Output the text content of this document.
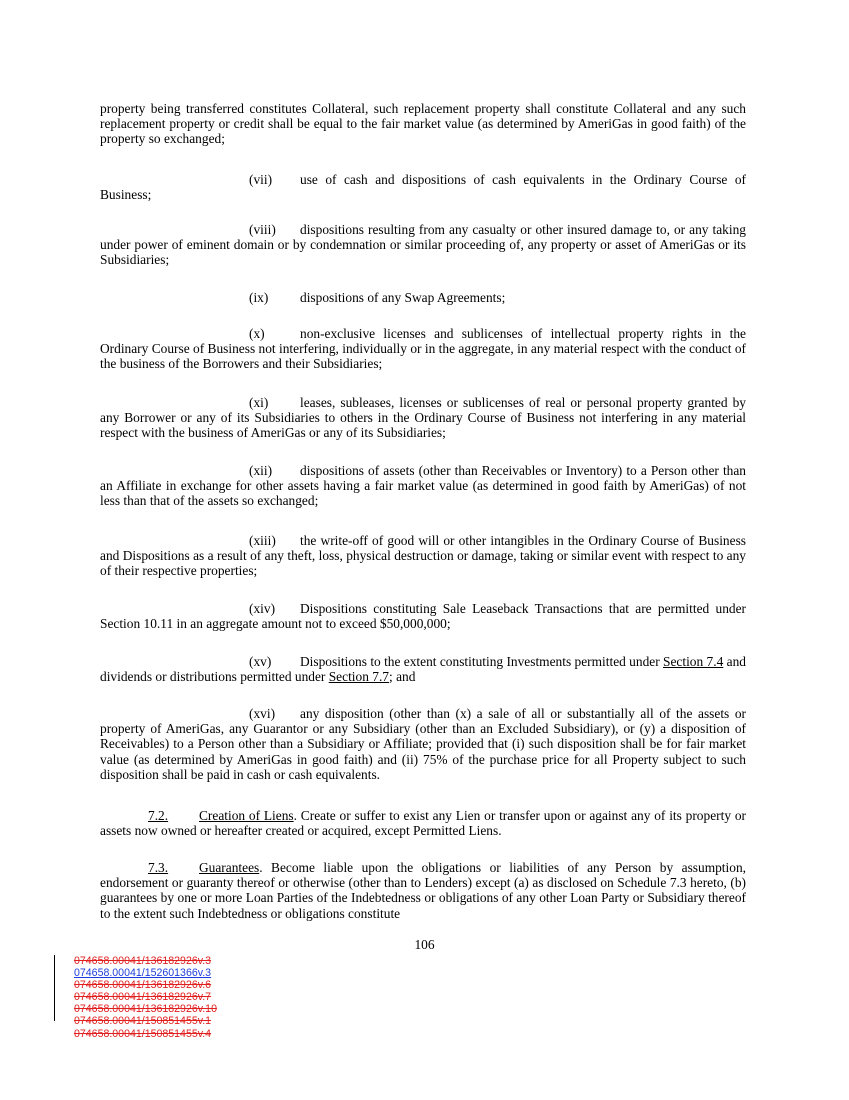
property being transferred constitutes Collateral, such replacement property shall constitute Collateral and any such replacement property or credit shall be equal to the fair market value (as determined by AmeriGas in good faith) of the property so exchanged;

(vii) use of cash and dispositions of cash equivalents in the Ordinary Course of Business;

(viii) dispositions resulting from any casualty or other insured damage to, or any taking under power of eminent domain or by condemnation or similar proceeding of, any property or asset of AmeriGas or its Subsidiaries;

(ix) dispositions of any Swap Agreements;

(x)	non-exclusive licenses and sublicenses of intellectual property rights in the Ordinary Course of Business not interfering, individually or in the aggregate, in any material respect with the conduct of the business of the Borrowers and their Subsidiaries;

(xi) leases, subleases, licenses or sublicenses of real or personal property granted by any Borrower or any of its Subsidiaries to others in the Ordinary Course of Business not interfering in any material respect with the business of AmeriGas or any of its Subsidiaries;

(xii) dispositions of assets (other than Receivables or Inventory) to a Person other than an Affiliate in exchange for other assets having a fair market value (as determined in good faith by AmeriGas) of not less than that of the assets so exchanged;

(xiii) the write-off of good will or other intangibles in the Ordinary Course of Business and Dispositions as a result of any theft, loss, physical destruction or damage, taking or similar event with respect to any of their respective properties;

(xiv) Dispositions constituting Sale Leaseback Transactions that are permitted under Section 10.11 in an aggregate amount not to exceed $50,000,000;

(xv) Dispositions to the extent constituting Investments permitted under Section 7.4 and dividends or distributions permitted under Section 7.7; and

(xvi) any disposition (other than (x) a sale of all or substantially all of the assets or property of AmeriGas, any Guarantor or any Subsidiary (other than an Excluded Subsidiary), or (y) a disposition of Receivables) to a Person other than a Subsidiary or Affiliate; provided that (i) such disposition shall be for fair market value (as determined by AmeriGas in good faith) and (ii) 75% of the purchase price for all Property subject to such disposition shall be paid in cash or cash equivalents.

7.2. Creation of Liens. Create or suffer to exist any Lien or transfer upon or against any of its property or assets now owned or hereafter created or acquired, except Permitted Liens.

7.3. Guarantees. Become liable upon the obligations or liabilities of any Person by assumption, endorsement or guaranty thereof or otherwise (other than to Lenders) except (a) as disclosed on Schedule 7.3 hereto, (b) guarantees by one or more Loan Parties of the Indebtedness or obligations of any other Loan Party or Subsidiary thereof to the extent such Indebtedness or obligations constitute

106
074658.00041/136182926v.3
074658.00041/152601366v.3
074658.00041/136182926v.6
074658.00041/136182926v.7
074658.00041/136182926v.10
074658.00041/150851455v.1
074658.00041/150851455v.4
